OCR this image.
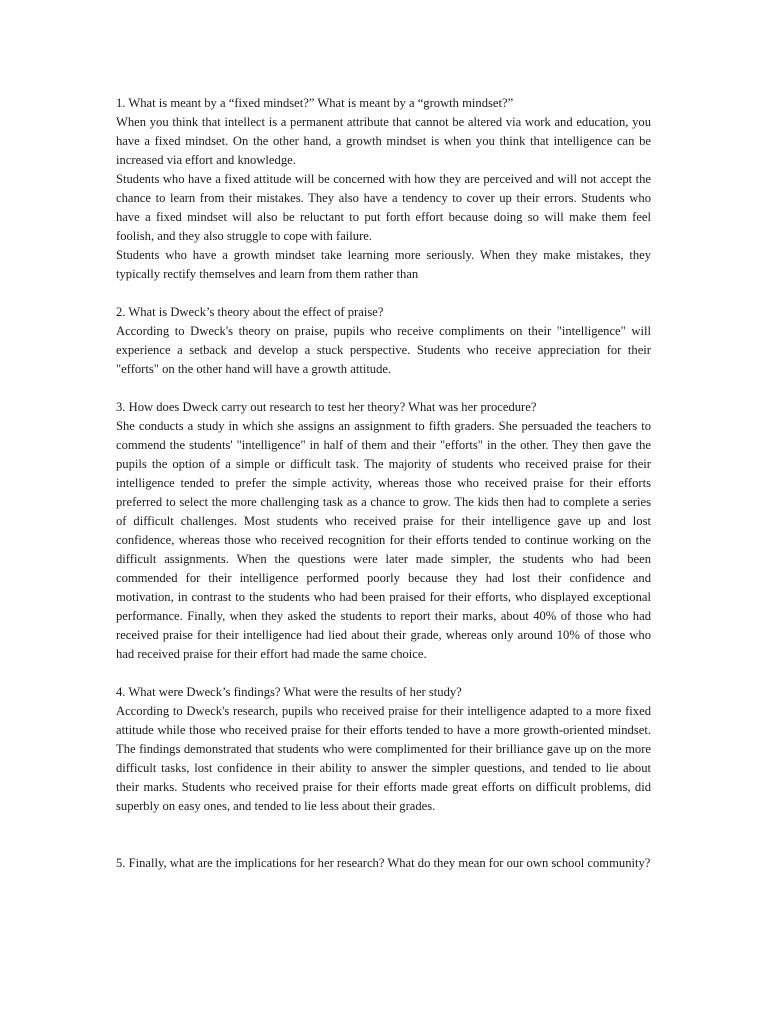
1. What is meant by a “fixed mindset?” What is meant by a “growth mindset?”

When you think that intellect is a permanent attribute that cannot be altered via work and education, you have a fixed mindset. On the other hand, a growth mindset is when you think that intelligence can be increased via effort and knowledge.

Students who have a fixed attitude will be concerned with how they are perceived and will not accept the chance to learn from their mistakes. They also have a tendency to cover up their errors. Students who have a fixed mindset will also be reluctant to put forth effort because doing so will make them feel foolish, and they also struggle to cope with failure.

Students who have a growth mindset take learning more seriously. When they make mistakes, they typically rectify themselves and learn from them rather than

2. What is Dweck’s theory about the effect of praise?

According to Dweck's theory on praise, pupils who receive compliments on their "intelligence" will experience a setback and develop a stuck perspective. Students who receive appreciation for their "efforts" on the other hand will have a growth attitude.

3. How does Dweck carry out research to test her theory? What was her procedure?

She conducts a study in which she assigns an assignment to fifth graders. She persuaded the teachers to commend the students' "intelligence" in half of them and their "efforts" in the other. They then gave the pupils the option of a simple or difficult task. The majority of students who received praise for their intelligence tended to prefer the simple activity, whereas those who received praise for their efforts preferred to select the more challenging task as a chance to grow. The kids then had to complete a series of difficult challenges. Most students who received praise for their intelligence gave up and lost confidence, whereas those who received recognition for their efforts tended to continue working on the difficult assignments. When the questions were later made simpler, the students who had been commended for their intelligence performed poorly because they had lost their confidence and motivation, in contrast to the students who had been praised for their efforts, who displayed exceptional performance. Finally, when they asked the students to report their marks, about 40% of those who had received praise for their intelligence had lied about their grade, whereas only around 10% of those who had received praise for their effort had made the same choice.

4. What were Dweck’s findings? What were the results of her study?

According to Dweck's research, pupils who received praise for their intelligence adapted to a more fixed attitude while those who received praise for their efforts tended to have a more growth-oriented mindset. The findings demonstrated that students who were complimented for their brilliance gave up on the more difficult tasks, lost confidence in their ability to answer the simpler questions, and tended to lie about their marks. Students who received praise for their efforts made great efforts on difficult problems, did superbly on easy ones, and tended to lie less about their grades.

5. Finally, what are the implications for her research? What do they mean for our own school community?
